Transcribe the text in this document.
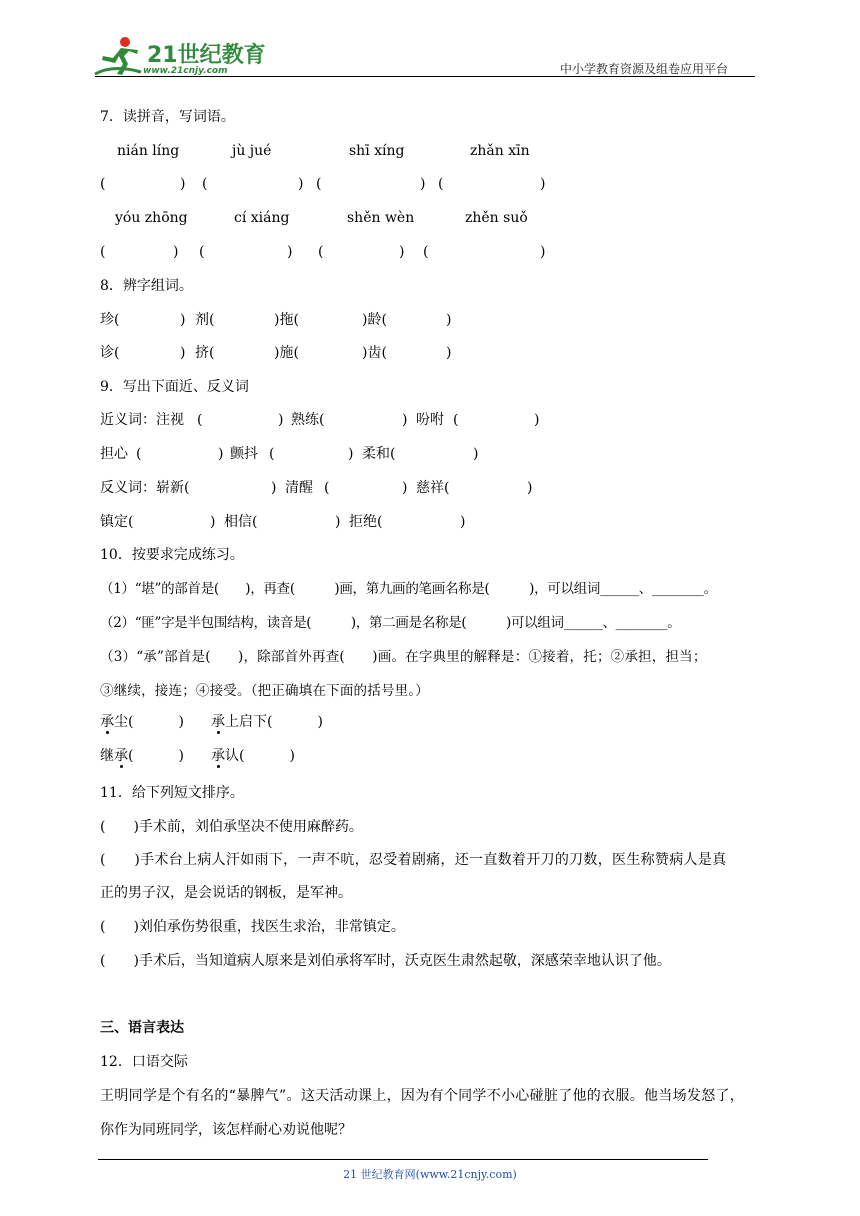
21世纪教育
www.21cnjy.com	中小学教育资源及组卷应用平台
7．读拼音，写词语。
nián líng	jù jué	shī xíng	zhǎn xīn
(	) (	) (	) (	)
yóu zhōng	cí xiáng	shěn wèn	zhěn suǒ
(	) (	) (	) (	)
8．辨字组词。
珍(	) 剂(	)拖(	)龄(	)
诊(	) 挤(	)施(	)齿(	)
9．写出下面近、反义词
近义词：注视 (	) 熟练(	) 吩咐 (	)
担心 (	) 颤抖 (	) 柔和(	)
反义词：崭新(	) 清醒 (	) 慈祥(	)
镇定(	) 相信(	) 拒绝(	)
10．按要求完成练习。
（1）“堪”的部首是(　　)，再查(　　　)画，第九画的笔画名称是(　　　)，可以组词______、________。
（2）“匪”字是半包围结构，读音是(　　　)，第二画是名称是(　　　)可以组词______、________。
（3）“承”部首是(　　)，除部首外再查(　　)画。在字典里的解释是：①接着，托；②承担，担当；
③继续，接连；④接受。（把正确填在下面的括号里。）
承尘(	) 承上启下(	)
继承(	) 承认(	)
11．给下列短文排序。
(　　)手术前，刘伯承坚决不使用麻醉药。
(　　)手术台上病人汗如雨下，一声不吭，忍受着剧痛，还一直数着开刀的刀数，医生称赞病人是真
正的男子汉，是会说话的钢板，是军神。
(　　)刘伯承伤势很重，找医生求治，非常镇定。
(　　)手术后，当知道病人原来是刘伯承将军时，沃克医生肃然起敬，深感荣幸地认识了他。
三、语言表达
12．口语交际
王明同学是个有名的“暴脾气”。这天活动课上，因为有个同学不小心碰脏了他的衣服。他当场发怒了，
你作为同班同学，该怎样耐心劝说他呢？
21 世纪教育网(www.21cnjy.com)
